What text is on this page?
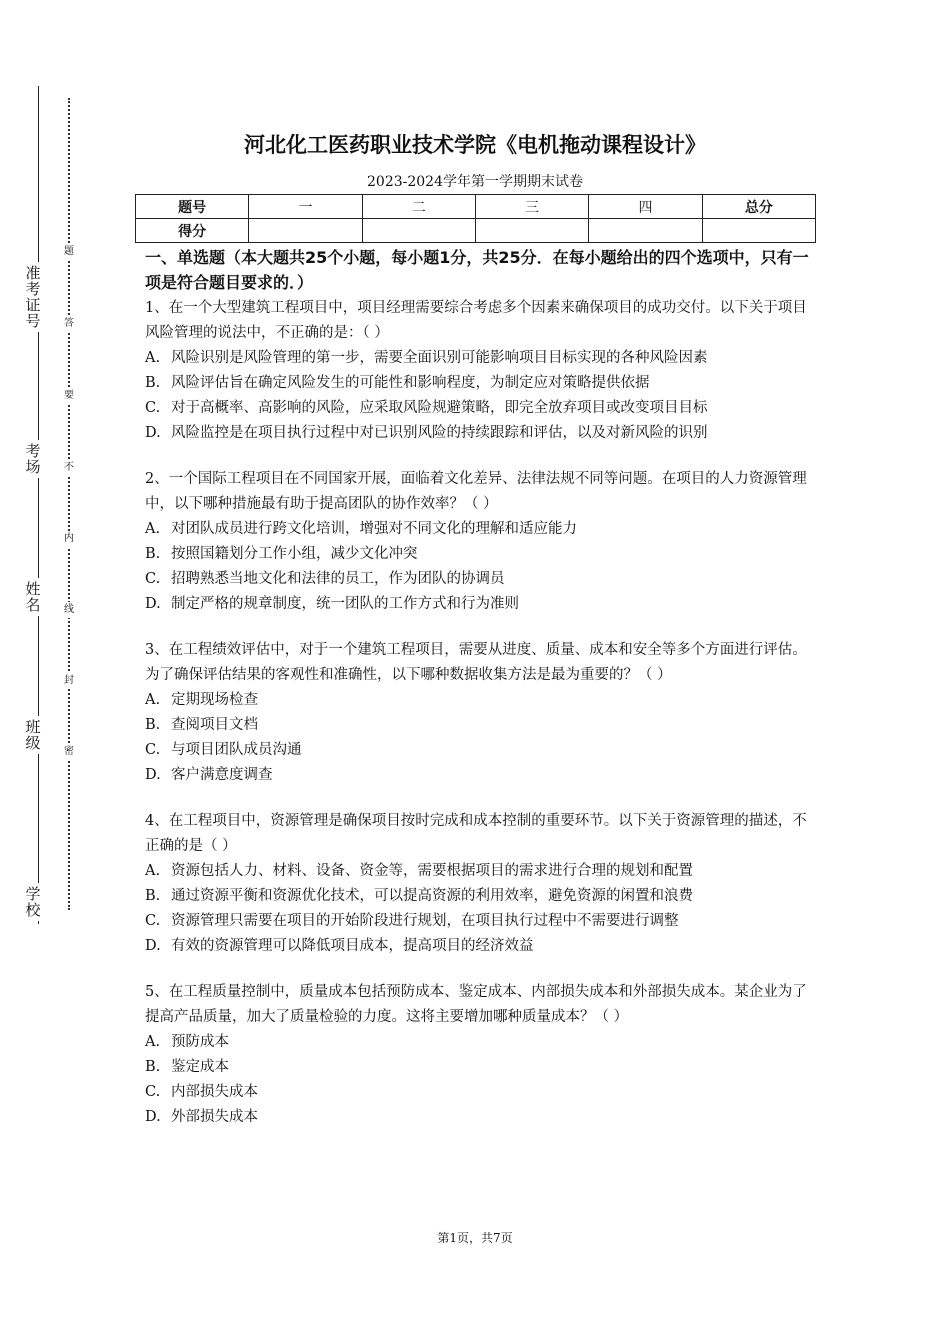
准考证号
考场
姓名
班级
学校
题
答
要
不
内
线
封
密
河北化工医药职业技术学院《电机拖动课程设计》
2023-2024学年第一学期期末试卷
题号	一	二	三	四	总分
得分					
一、单选题（本大题共25个小题，每小题1分，共25分．在每小题给出的四个选项中，只有一项是符合题目要求的．）
1、在一个大型建筑工程项目中，项目经理需要综合考虑多个因素来确保项目的成功交付。以下关于项目风险管理的说法中，不正确的是：（ ）
A. 风险识别是风险管理的第一步，需要全面识别可能影响项目目标实现的各种风险因素
B. 风险评估旨在确定风险发生的可能性和影响程度，为制定应对策略提供依据
C. 对于高概率、高影响的风险，应采取风险规避策略，即完全放弃项目或改变项目目标
D. 风险监控是在项目执行过程中对已识别风险的持续跟踪和评估，以及对新风险的识别
2、一个国际工程项目在不同国家开展，面临着文化差异、法律法规不同等问题。在项目的人力资源管理中，以下哪种措施最有助于提高团队的协作效率？（ ）
A. 对团队成员进行跨文化培训，增强对不同文化的理解和适应能力
B. 按照国籍划分工作小组，减少文化冲突
C. 招聘熟悉当地文化和法律的员工，作为团队的协调员
D. 制定严格的规章制度，统一团队的工作方式和行为准则
3、在工程绩效评估中，对于一个建筑工程项目，需要从进度、质量、成本和安全等多个方面进行评估。为了确保评估结果的客观性和准确性，以下哪种数据收集方法是最为重要的？（ ）
A. 定期现场检查
B. 查阅项目文档
C. 与项目团队成员沟通
D. 客户满意度调查
4、在工程项目中，资源管理是确保项目按时完成和成本控制的重要环节。以下关于资源管理的描述，不正确的是（ ）
A. 资源包括人力、材料、设备、资金等，需要根据项目的需求进行合理的规划和配置
B. 通过资源平衡和资源优化技术，可以提高资源的利用效率，避免资源的闲置和浪费
C. 资源管理只需要在项目的开始阶段进行规划，在项目执行过程中不需要进行调整
D. 有效的资源管理可以降低项目成本，提高项目的经济效益
5、在工程质量控制中，质量成本包括预防成本、鉴定成本、内部损失成本和外部损失成本。某企业为了提高产品质量，加大了质量检验的力度。这将主要增加哪种质量成本？（ ）
A. 预防成本
B. 鉴定成本
C. 内部损失成本
D. 外部损失成本
第1页，共7页
